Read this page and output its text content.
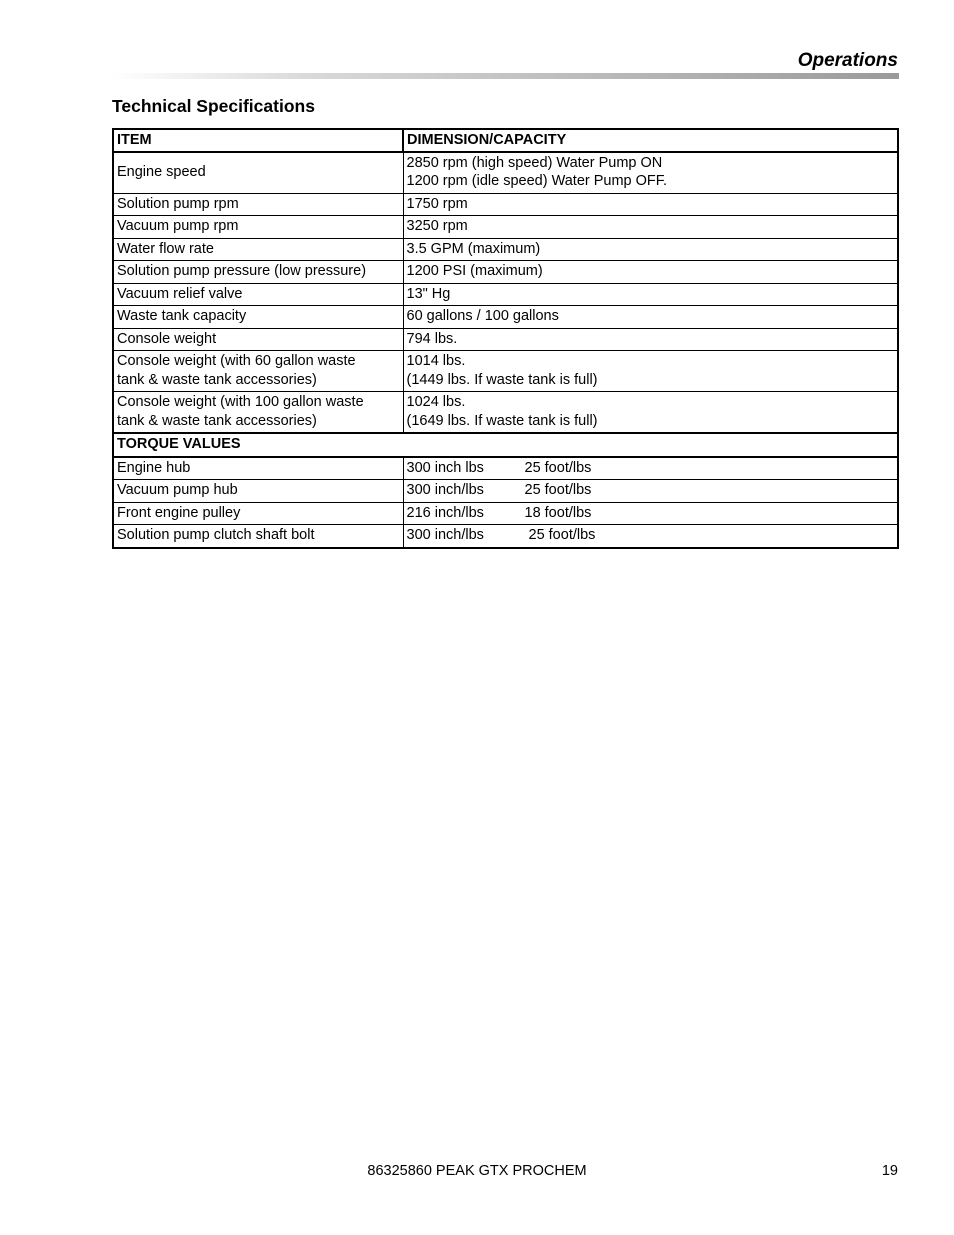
Operations
Technical Specifications
ITEM	DIMENSION/CAPACITY
Engine speed	2850 rpm (high speed) Water Pump ON
1200 rpm (idle speed) Water Pump OFF.

Solution pump rpm	1750 rpm
Vacuum pump rpm	3250 rpm
Water flow rate	3.5 GPM (maximum)
Solution pump pressure (low pressure)	1200 PSI (maximum)
Vacuum relief valve	13" Hg
Waste tank capacity	60 gallons / 100 gallons
Console weight	794 lbs.

Console weight (with 60 gallon waste
tank & waste tank accessories)	1014 lbs.
(1449 lbs. If waste tank is full)

Console weight (with 100 gallon waste
tank & waste tank accessories)	1024 lbs.
(1649 lbs. If waste tank is full)

TORQUE VALUES	
Engine hub	300 inch lbs 25 foot/lbs
Vacuum pump hub	300 inch/lbs 25 foot/lbs
Front engine pulley	216 inch/lbs 18 foot/lbs
Solution pump clutch shaft bolt	300 inch/lbs 25 foot/lbs
86325860 PEAK GTX PROCHEM	19
